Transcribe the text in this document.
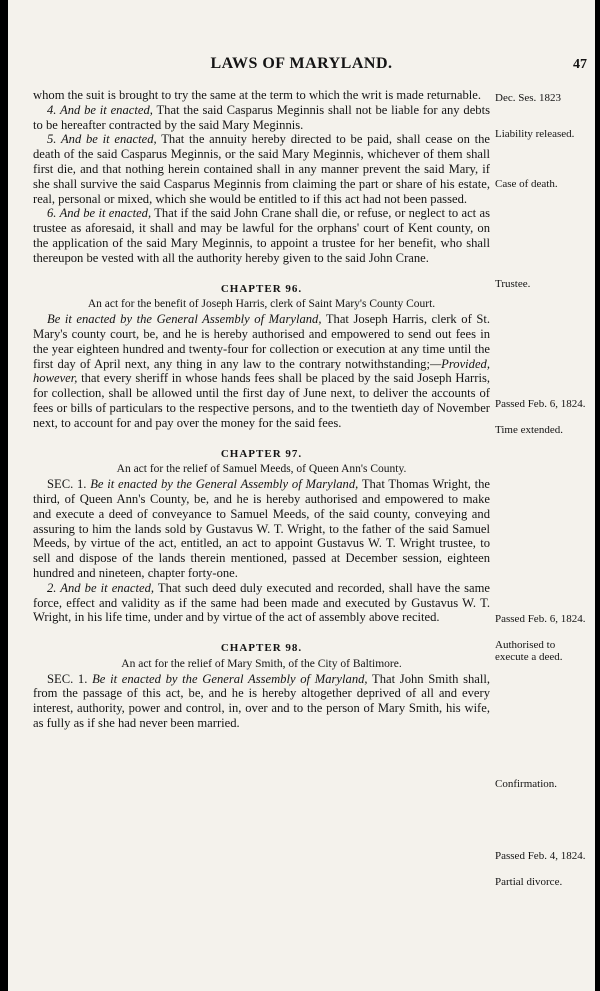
LAWS OF MARYLAND.	47

whom the suit is brought to try the same at the term to which the writ is made returnable.

4. And be it enacted, That the said Casparus Meginnis shall not be liable for any debts to be hereafter contracted by the said Mary Meginnis.

5. And be it enacted, That the annuity hereby directed to be paid, shall cease on the death of the said Casparus Meginnis, or the said Mary Meginnis, whichever of them shall first die, and that nothing herein contained shall in any manner prevent the said Mary, if she shall survive the said Casparus Meginnis from claiming the part or share of his estate, real, personal or mixed, which she would be entitled to if this act had not been passed.

6. And be it enacted, That if the said John Crane shall die, or refuse, or neglect to act as trustee as aforesaid, it shall and may be lawful for the orphans' court of Kent county, on the application of the said Mary Meginnis, to appoint a trustee for her benefit, who shall thereupon be vested with all the authority hereby given to the said John Crane.

CHAPTER 96.

An act for the benefit of Joseph Harris, clerk of Saint Mary's County Court.

Be it enacted by the General Assembly of Maryland, That Joseph Harris, clerk of St. Mary's county court, be, and he is hereby authorised and empowered to send out fees in the year eighteen hundred and twenty-four for collection or execution at any time until the first day of April next, any thing in any law to the contrary notwithstanding;—Provided, however, that every sheriff in whose hands fees shall be placed by the said Joseph Harris, for collection, shall be allowed until the first day of June next, to deliver the accounts of fees or bills of particulars to the respective persons, and to the twentieth day of November next, to account for and pay over the money for the said fees.

CHAPTER 97.

An act for the relief of Samuel Meeds, of Queen Ann's County.

SEC. 1. Be it enacted by the General Assembly of Maryland, That Thomas Wright, the third, of Queen Ann's County, be, and he is hereby authorised and empowered to make and execute a deed of conveyance to Samuel Meeds, of the said county, conveying and assuring to him the lands sold by Gustavus W. T. Wright, to the father of the said Samuel Meeds, by virtue of the act, entitled, an act to appoint Gustavus W. T. Wright trustee, to sell and dispose of the lands therein mentioned, passed at December session, eighteen hundred and nineteen, chapter forty-one.

2. And be it enacted, That such deed duly executed and recorded, shall have the same force, effect and validity as if the same had been made and executed by Gustavus W. T. Wright, in his life time, under and by virtue of the act of assembly above recited.

CHAPTER 98.

An act for the relief of Mary Smith, of the City of Baltimore.

SEC. 1. Be it enacted by the General Assembly of Maryland, That John Smith shall, from the passage of this act, be, and he is hereby altogether deprived of all and every interest, authority, power and control, in, over and to the person of Mary Smith, his wife, as fully as if she had never been married.

Dec. Ses. 1823
Liability released.
Case of death.
Trustee.
Passed Feb. 6, 1824.
Time extended.
Passed Feb. 6, 1824.
Authorised to execute a deed.
Confirmation.
Passed Feb. 4, 1824.
Partial divorce.
